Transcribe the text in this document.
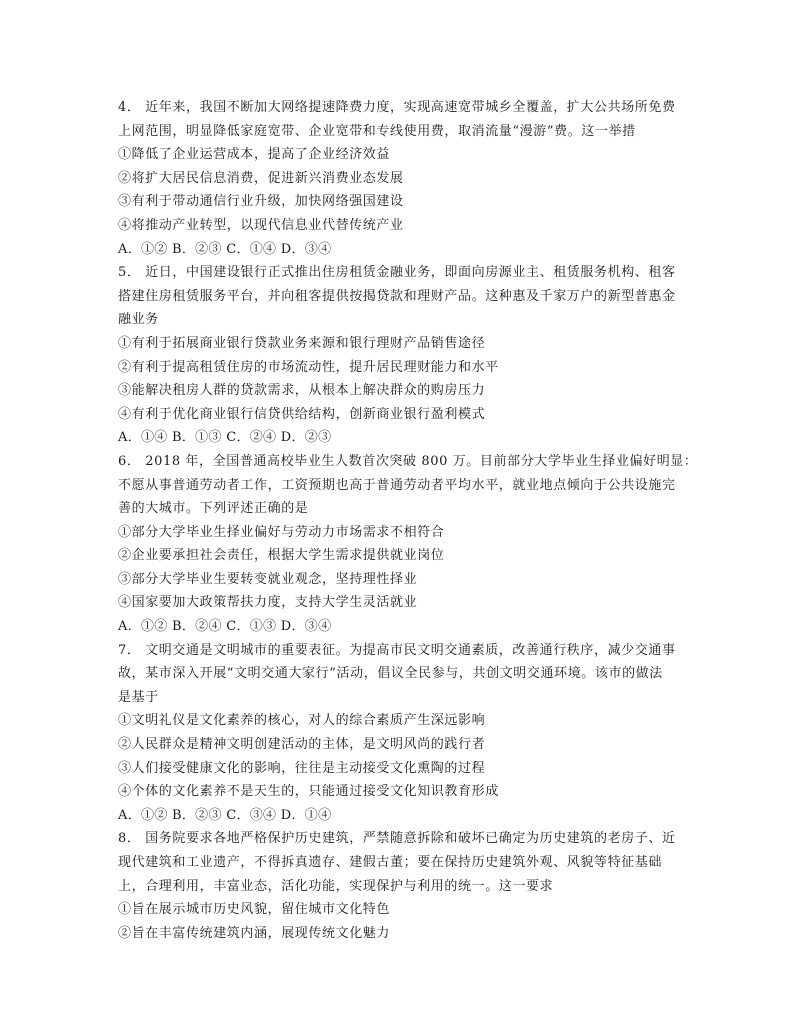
4． 近年来，我国不断加大网络提速降费力度，实现高速宽带城乡全覆盖，扩大公共场所免费
上网范围，明显降低家庭宽带、企业宽带和专线使用费，取消流量“漫游”费。这一举措
①降低了企业运营成本，提高了企业经济效益
②将扩大居民信息消费，促进新兴消费业态发展
③有利于带动通信行业升级，加快网络强国建设
④将推动产业转型，以现代信息业代替传统产业
A．①② B．②③ C．①④ D．③④
5． 近日，中国建设银行正式推出住房租赁金融业务，即面向房源业主、租赁服务机构、租客
搭建住房租赁服务平台，并向租客提供按揭贷款和理财产品。这种惠及千家万户的新型普惠金
融业务
①有利于拓展商业银行贷款业务来源和银行理财产品销售途径
②有利于提高租赁住房的市场流动性，提升居民理财能力和水平
③能解决租房人群的贷款需求，从根本上解决群众的购房压力
④有利于优化商业银行信贷供给结构，创新商业银行盈利模式
A．①④ B．①③ C．②④ D．②③
6． 2018 年，全国普通高校毕业生人数首次突破 800 万。目前部分大学毕业生择业偏好明显：
不愿从事普通劳动者工作，工资预期也高于普通劳动者平均水平，就业地点倾向于公共设施完
善的大城市。下列评述正确的是
①部分大学毕业生择业偏好与劳动力市场需求不相符合
②企业要承担社会责任，根据大学生需求提供就业岗位
③部分大学毕业生要转变就业观念，坚持理性择业
④国家要加大政策帮扶力度，支持大学生灵活就业
A．①② B．②④ C．①③ D．③④
7． 文明交通是文明城市的重要表征。为提高市民文明交通素质，改善通行秩序，减少交通事
故，某市深入开展“文明交通大家行”活动，倡议全民参与，共创文明交通环境。该市的做法
是基于
①文明礼仪是文化素养的核心，对人的综合素质产生深远影响
②人民群众是精神文明创建活动的主体，是文明风尚的践行者
③人们接受健康文化的影响，往往是主动接受文化熏陶的过程
④个体的文化素养不是天生的，只能通过接受文化知识教育形成
A．①② B．②③ C．③④ D．①④
8． 国务院要求各地严格保护历史建筑，严禁随意拆除和破坏已确定为历史建筑的老房子、近
现代建筑和工业遗产，不得拆真遗存、建假古董；要在保持历史建筑外观、风貌等特征基础
上，合理利用，丰富业态，活化功能，实现保护与利用的统一。这一要求
①旨在展示城市历史风貌，留住城市文化特色
②旨在丰富传统建筑内涵，展现传统文化魅力
